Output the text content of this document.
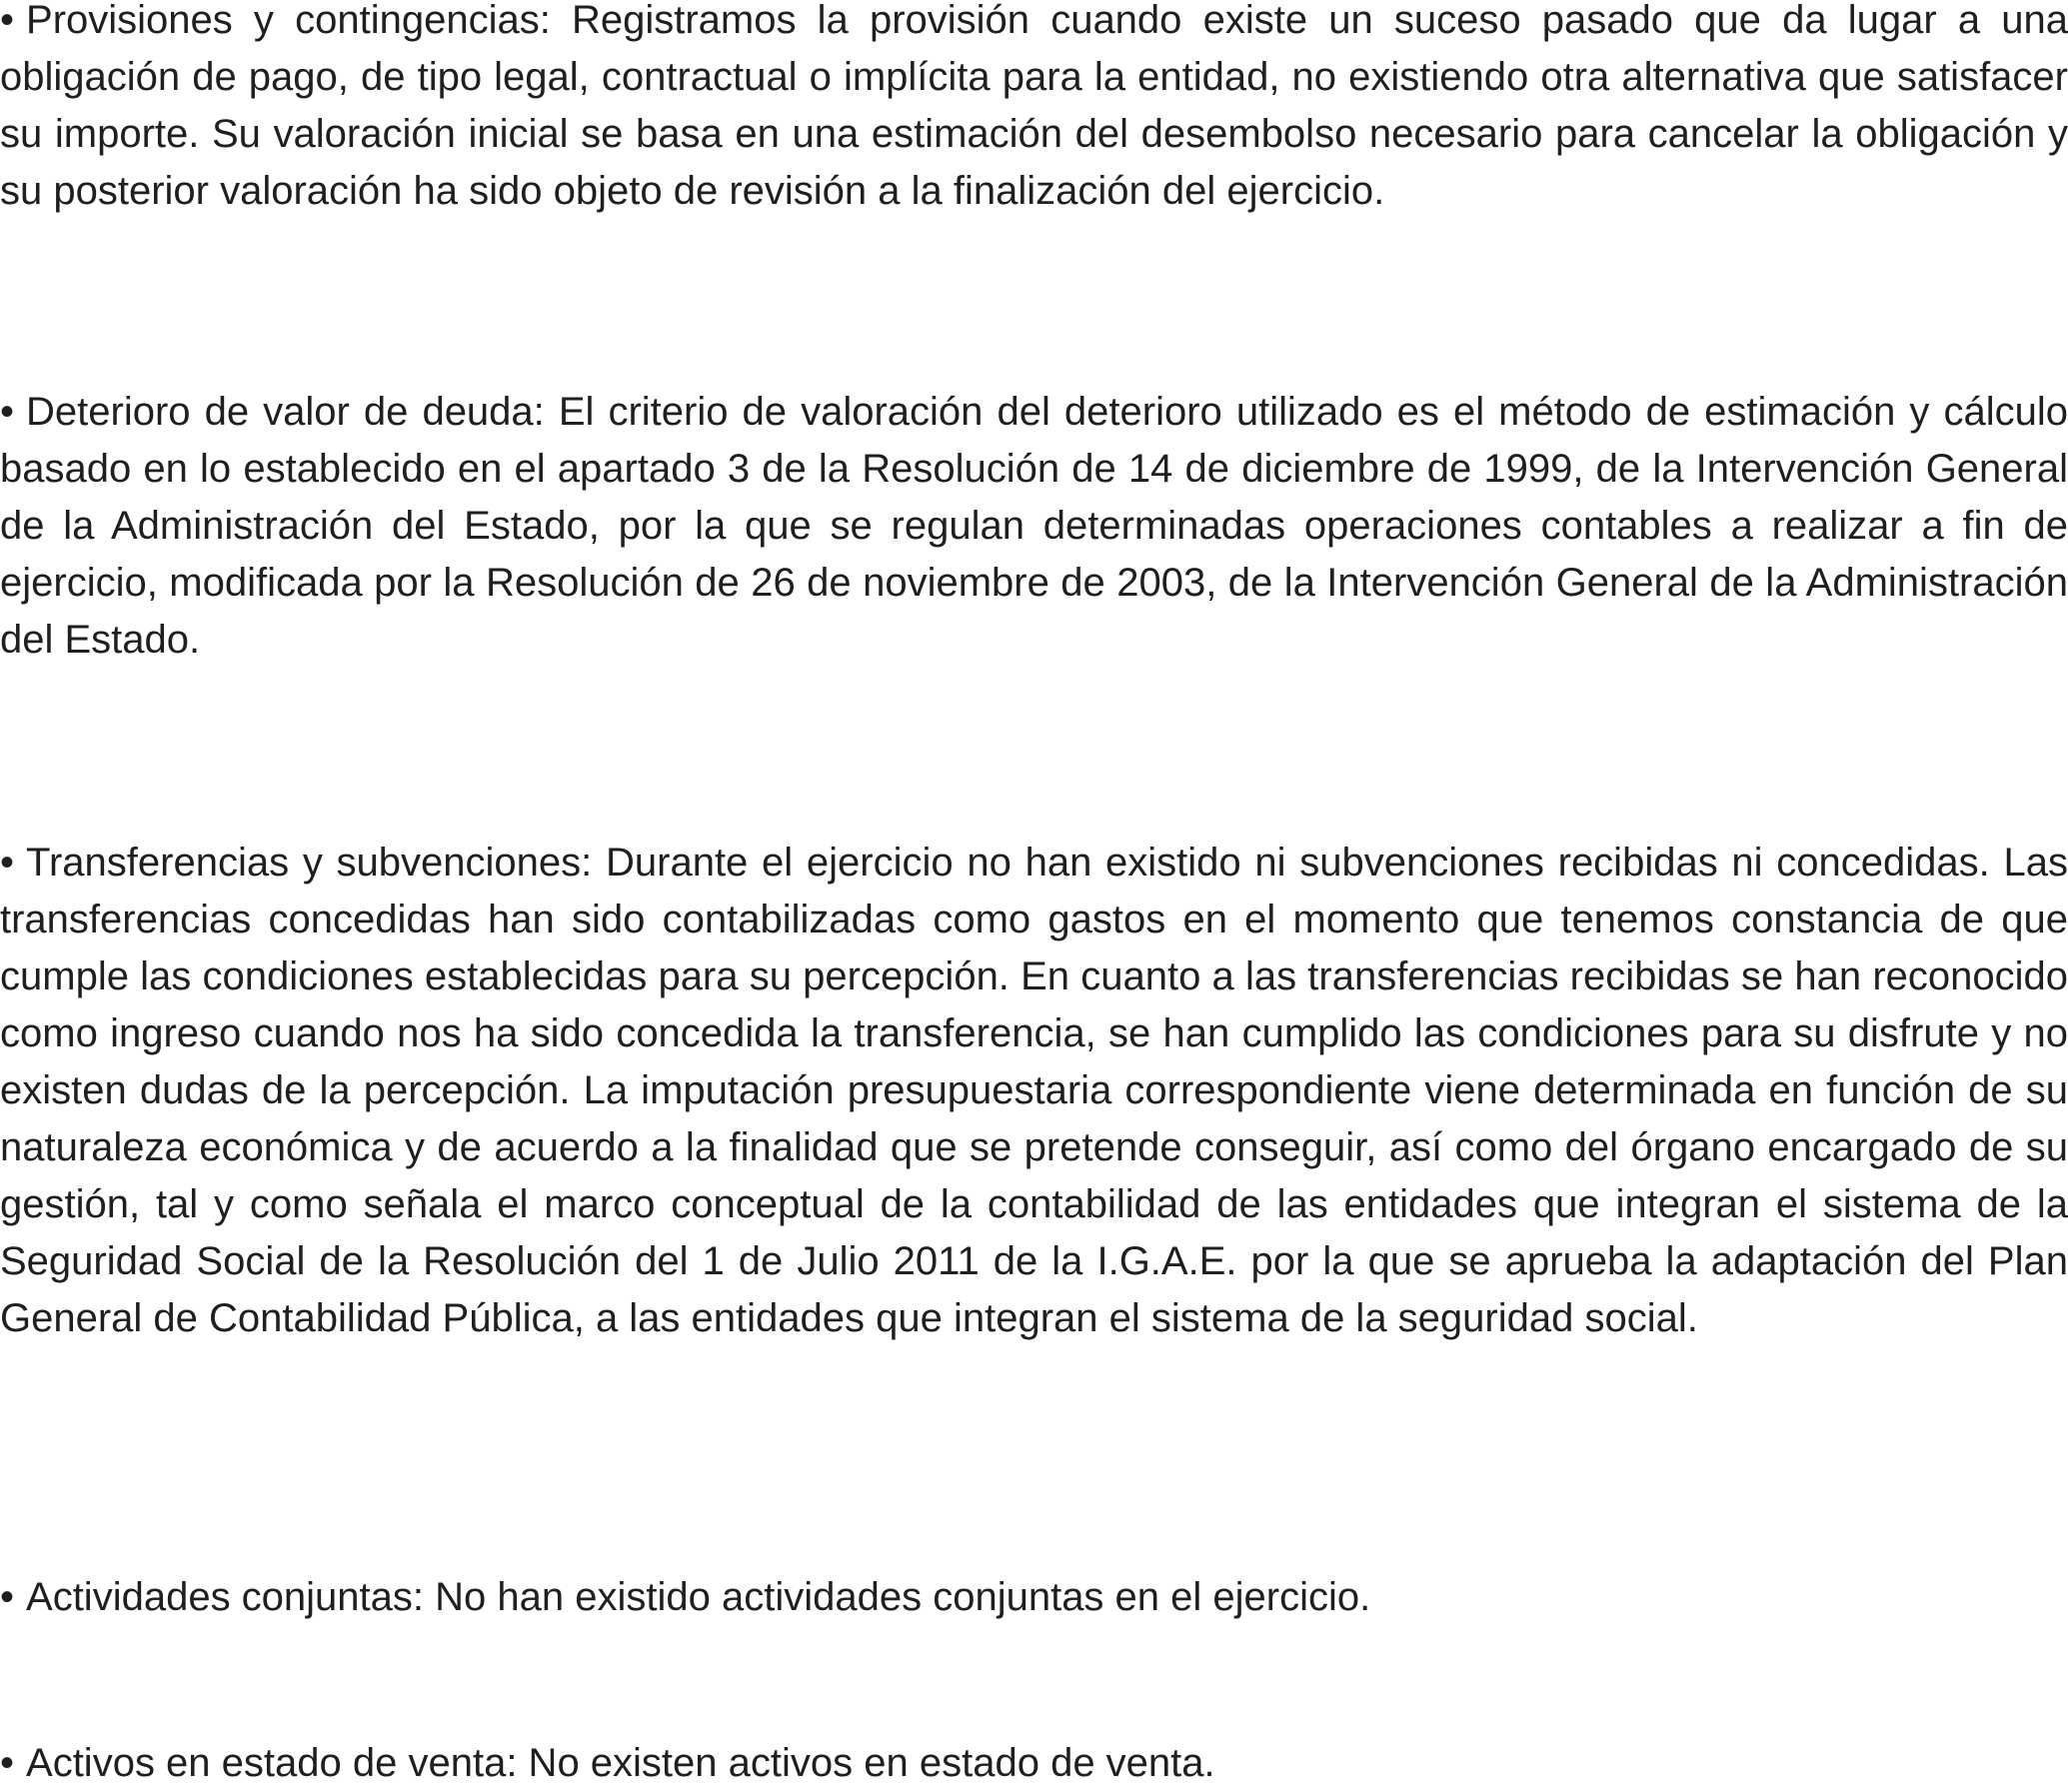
• Provisiones y contingencias: Registramos la provisión cuando existe un suceso pasado que da lugar a una obligación de pago, de tipo legal, contractual o implícita para la entidad, no existiendo otra alternativa que satisfacer su importe. Su valoración inicial se basa en una estimación del desembolso necesario para cancelar la obligación y su posterior valoración ha sido objeto de revisión a la finalización del ejercicio.

• Deterioro de valor de deuda: El criterio de valoración del deterioro utilizado es el método de estimación y cálculo basado en lo establecido en el apartado 3 de la Resolución de 14 de diciembre de 1999, de la Intervención General de la Administración del Estado, por la que se regulan determinadas operaciones contables a realizar a fin de ejercicio, modificada por la Resolución de 26 de noviembre de 2003, de la Intervención General de la Administración del Estado.

• Transferencias y subvenciones: Durante el ejercicio no han existido ni subvenciones recibidas ni concedidas. Las transferencias concedidas han sido contabilizadas como gastos en el momento que tenemos constancia de que cumple las condiciones establecidas para su percepción. En cuanto a las transferencias recibidas se han reconocido como ingreso cuando nos ha sido concedida la transferencia, se han cumplido las condiciones para su disfrute y no existen dudas de la percepción. La imputación presupuestaria correspondiente viene determinada en función de su naturaleza económica y de acuerdo a la finalidad que se pretende conseguir, así como del órgano encargado de su gestión, tal y como señala el marco conceptual de la contabilidad de las entidades que integran el sistema de la Seguridad Social de la Resolución del 1 de Julio 2011 de la I.G.A.E. por la que se aprueba la adaptación del Plan General de Contabilidad Pública, a las entidades que integran el sistema de la seguridad social.

• Actividades conjuntas: No han existido actividades conjuntas en el ejercicio.

• Activos en estado de venta: No existen activos en estado de venta.
